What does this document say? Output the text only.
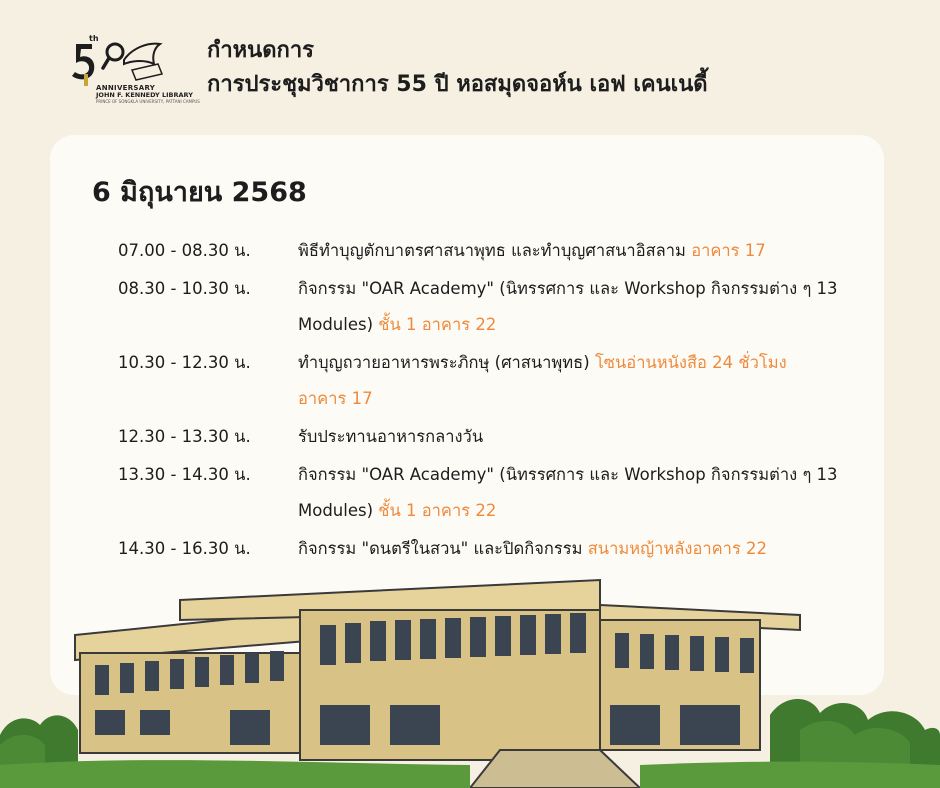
th
ANNIVERSARY
JOHN F. KENNEDY LIBRARY
PRINCE OF SONGKLA UNIVERSITY, PATTANI CAMPUS
กำหนดการ
การประชุมวิชาการ 55 ปี หอสมุดจอห์น เอฟ เคนเนดี้
6 มิถุนายน 2568
07.00 - 08.30 น.	พิธีทำบุญตักบาตรศาสนาพุทธ และทำบุญศาสนาอิสลาม อาคาร 17
08.30 - 10.30 น.	กิจกรรม "OAR Academy" (นิทรรศการ และ Workshop กิจกรรมต่าง ๆ 13 Modules) ชั้น 1 อาคาร 22
10.30 - 12.30 น.	ทำบุญถวายอาหารพระภิกษุ (ศาสนาพุทธ) โซนอ่านหนังสือ 24 ชั่วโมง อาคาร 17
12.30 - 13.30 น.	รับประทานอาหารกลางวัน
13.30 - 14.30 น.	กิจกรรม "OAR Academy" (นิทรรศการ และ Workshop กิจกรรมต่าง ๆ 13 Modules) ชั้น 1 อาคาร 22
14.30 - 16.30 น.	กิจกรรม "ดนตรีในสวน" และปิดกิจกรรม สนามหญ้าหลังอาคาร 22
